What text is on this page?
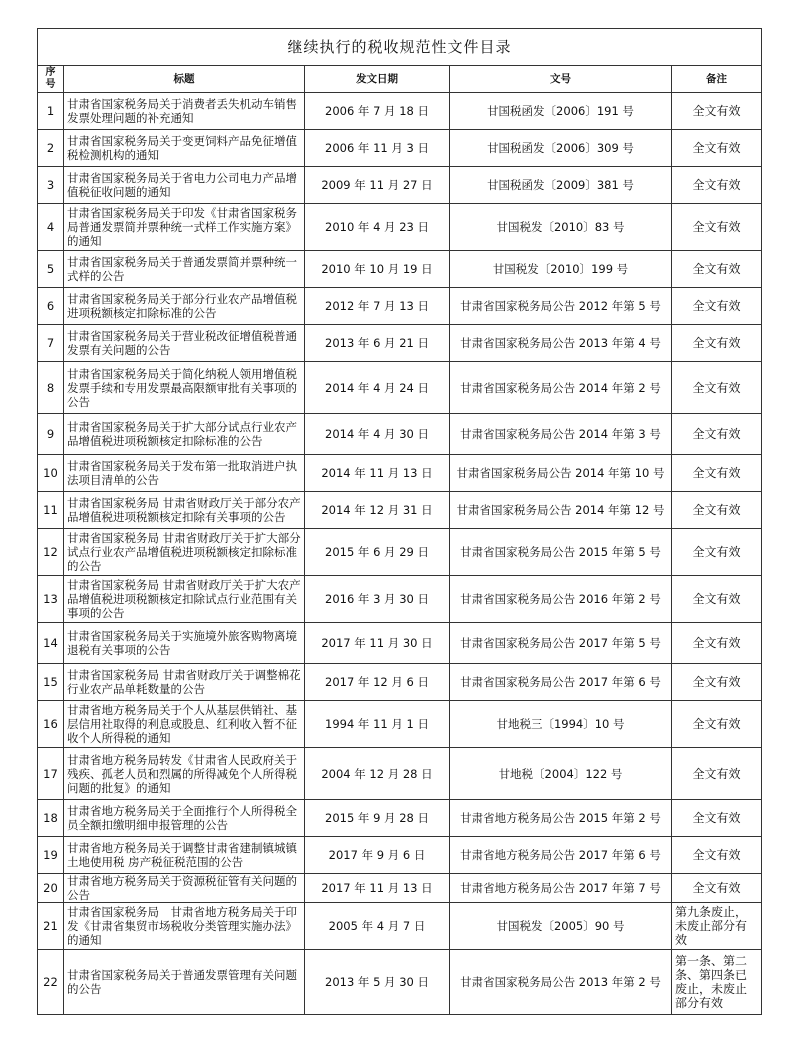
继续执行的税收规范性文件目录				
序号	标题	发文日期	文号	备注
1	甘肃省国家税务局关于消费者丢失机动车销售发票处理问题的补充通知	2006 年 7 月 18 日	甘国税函发〔2006〕191 号	全文有效
2	甘肃省国家税务局关于变更饲料产品免征增值税检测机构的通知	2006 年 11 月 3 日	甘国税函发〔2006〕309 号	全文有效
3	甘肃省国家税务局关于省电力公司电力产品增值税征收问题的通知	2009 年 11 月 27 日	甘国税函发〔2009〕381 号	全文有效
4	甘肃省国家税务局关于印发《甘肃省国家税务局普通发票简并票种统一式样工作实施方案》的通知	2010 年 4 月 23 日	甘国税发〔2010〕83 号	全文有效
5	甘肃省国家税务局关于普通发票简并票种统一式样的公告	2010 年 10 月 19 日	甘国税发〔2010〕199 号	全文有效
6	甘肃省国家税务局关于部分行业农产品增值税进项税额核定扣除标准的公告	2012 年 7 月 13 日	甘肃省国家税务局公告 2012 年第 5 号	全文有效
7	甘肃省国家税务局关于营业税改征增值税普通发票有关问题的公告	2013 年 6 月 21 日	甘肃省国家税务局公告 2013 年第 4 号	全文有效
8	甘肃省国家税务局关于简化纳税人领用增值税发票手续和专用发票最高限额审批有关事项的公告	2014 年 4 月 24 日	甘肃省国家税务局公告 2014 年第 2 号	全文有效
9	甘肃省国家税务局关于扩大部分试点行业农产品增值税进项税额核定扣除标准的公告	2014 年 4 月 30 日	甘肃省国家税务局公告 2014 年第 3 号	全文有效
10	甘肃省国家税务局关于发布第一批取消进户执法项目清单的公告	2014 年 11 月 13 日	甘肃省国家税务局公告 2014 年第 10 号	全文有效
11	甘肃省国家税务局 甘肃省财政厅关于部分农产品增值税进项税额核定扣除有关事项的公告	2014 年 12 月 31 日	甘肃省国家税务局公告 2014 年第 12 号	全文有效
12	甘肃省国家税务局 甘肃省财政厅关于扩大部分试点行业农产品增值税进项税额核定扣除标准的公告	2015 年 6 月 29 日	甘肃省国家税务局公告 2015 年第 5 号	全文有效
13	甘肃省国家税务局 甘肃省财政厅关于扩大农产品增值税进项税额核定扣除试点行业范围有关事项的公告	2016 年 3 月 30 日	甘肃省国家税务局公告 2016 年第 2 号	全文有效
14	甘肃省国家税务局关于实施境外旅客购物离境退税有关事项的公告	2017 年 11 月 30 日	甘肃省国家税务局公告 2017 年第 5 号	全文有效
15	甘肃省国家税务局 甘肃省财政厅关于调整棉花行业农产品单耗数量的公告	2017 年 12 月 6 日	甘肃省国家税务局公告 2017 年第 6 号	全文有效
16	甘肃省地方税务局关于个人从基层供销社、基层信用社取得的利息或股息、红利收入暂不征收个人所得税的通知	1994 年 11 月 1 日	甘地税三〔1994〕10 号	全文有效
17	甘肃省地方税务局转发《甘肃省人民政府关于残疾、孤老人员和烈属的所得减免个人所得税问题的批复》的通知	2004 年 12 月 28 日	甘地税〔2004〕122 号	全文有效
18	甘肃省地方税务局关于全面推行个人所得税全员全额扣缴明细申报管理的公告	2015 年 9 月 28 日	甘肃省地方税务局公告 2015 年第 2 号	全文有效
19	甘肃省地方税务局关于调整甘肃省建制镇城镇土地使用税 房产税征税范围的公告	2017 年 9 月 6 日	甘肃省地方税务局公告 2017 年第 6 号	全文有效
20	甘肃省地方税务局关于资源税征管有关问题的公告	2017 年 11 月 13 日	甘肃省地方税务局公告 2017 年第 7 号	全文有效
21	甘肃省国家税务局　甘肃省地方税务局关于印发《甘肃省集贸市场税收分类管理实施办法》的通知	2005 年 4 月 7 日	甘国税发〔2005〕90 号	第九条废止，未废止部分有效
22	甘肃省国家税务局关于普通发票管理有关问题的公告	2013 年 5 月 30 日	甘肃省国家税务局公告 2013 年第 2 号	第一条、第二条、第四条已废止，未废止部分有效
